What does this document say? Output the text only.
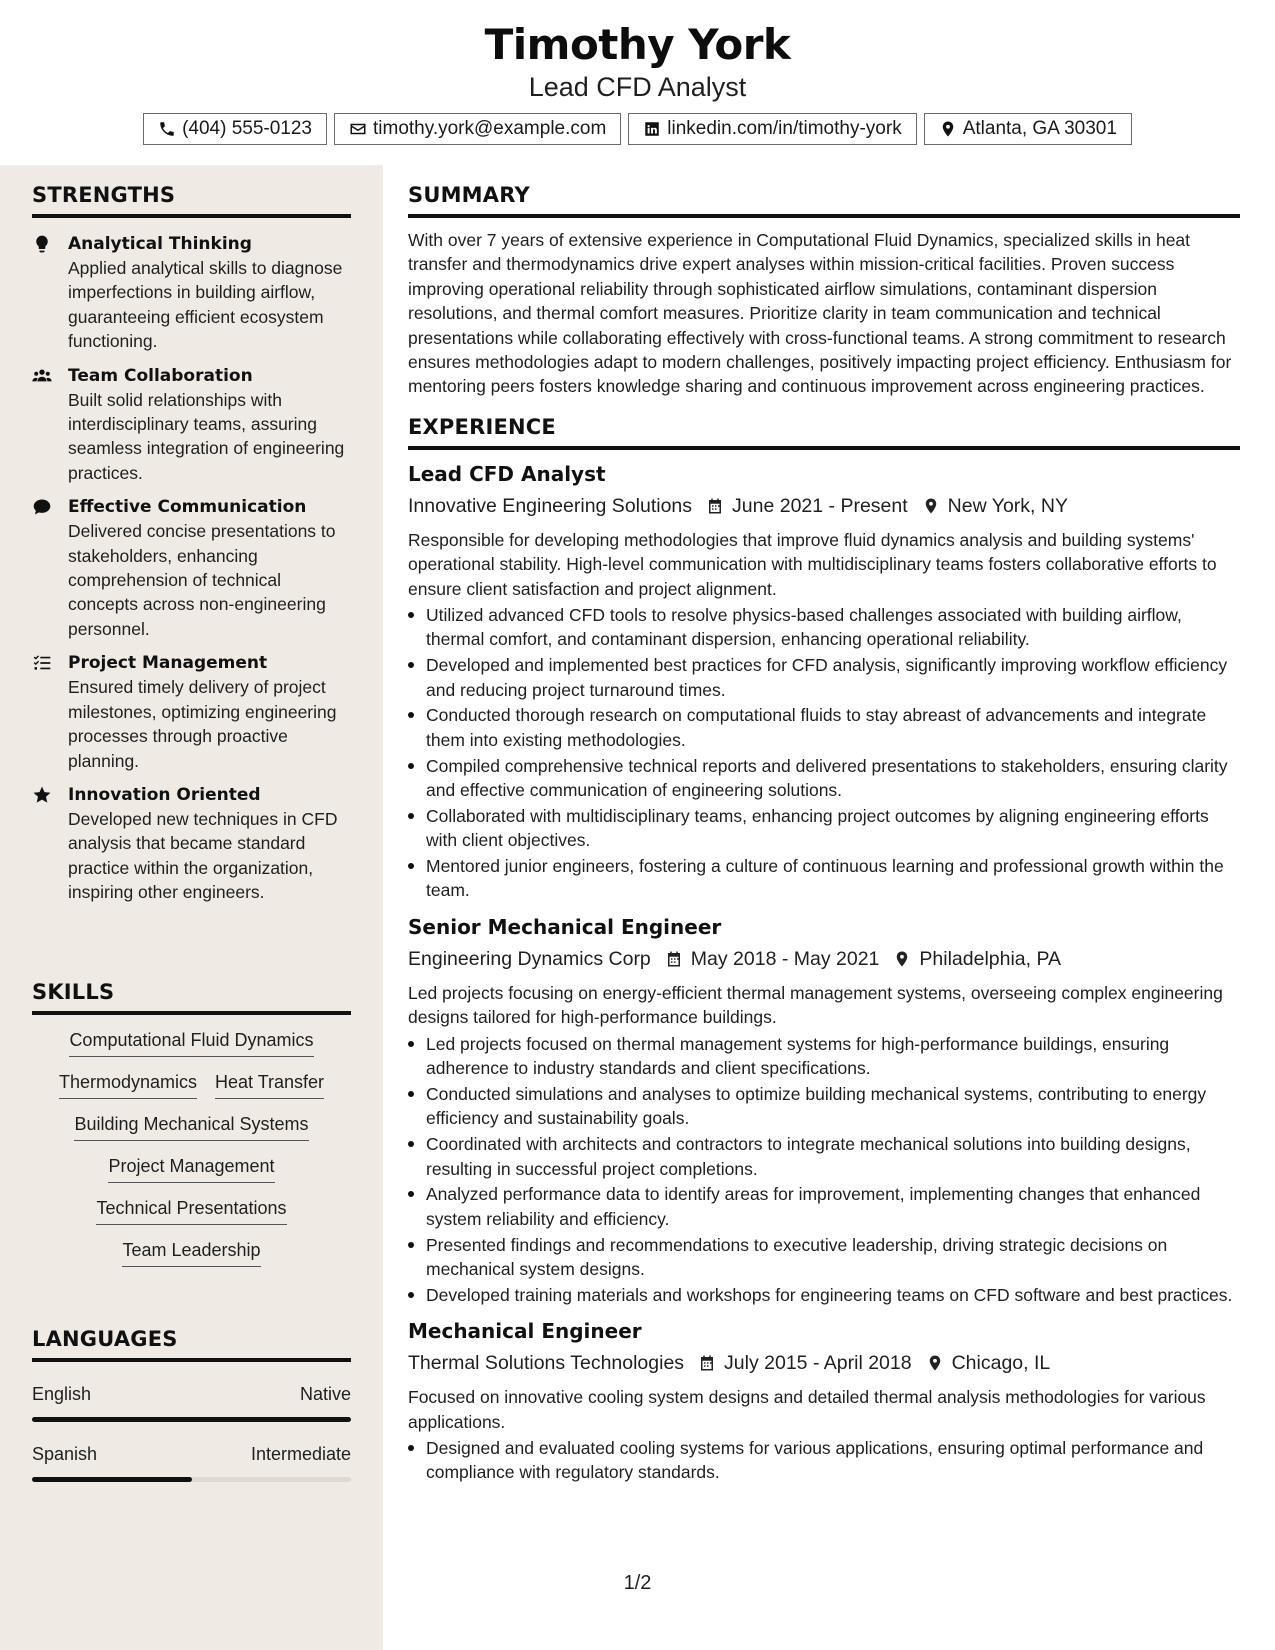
Timothy York
Lead CFD Analyst
(404) 555-0123	timothy.york@example.com	linkedin.com/in/timothy-york	Atlanta, GA 30301
STRENGTHS
Analytical Thinking
Applied analytical skills to diagnose imperfections in building airflow, guaranteeing efficient ecosystem functioning.
Team Collaboration
Built solid relationships with interdisciplinary teams, assuring seamless integration of engineering practices.
Effective Communication
Delivered concise presentations to stakeholders, enhancing comprehension of technical concepts across non-engineering personnel.
Project Management
Ensured timely delivery of project milestones, optimizing engineering processes through proactive planning.
Innovation Oriented
Developed new techniques in CFD analysis that became standard practice within the organization, inspiring other engineers.
SKILLS
Computational Fluid Dynamics
Thermodynamics Heat Transfer
Building Mechanical Systems
Project Management
Technical Presentations
Team Leadership
LANGUAGES
English	Native
Spanish	Intermediate
SUMMARY
With over 7 years of extensive experience in Computational Fluid Dynamics, specialized skills in heat transfer and thermodynamics drive expert analyses within mission-critical facilities. Proven success improving operational reliability through sophisticated airflow simulations, contaminant dispersion resolutions, and thermal comfort measures. Prioritize clarity in team communication and technical presentations while collaborating effectively with cross-functional teams. A strong commitment to research ensures methodologies adapt to modern challenges, positively impacting project efficiency. Enthusiasm for mentoring peers fosters knowledge sharing and continuous improvement across engineering practices.
EXPERIENCE
Lead CFD Analyst
Innovative Engineering Solutions June 2021 - Present New York, NY
Responsible for developing methodologies that improve fluid dynamics analysis and building systems' operational stability. High-level communication with multidisciplinary teams fosters collaborative efforts to ensure client satisfaction and project alignment.
Utilized advanced CFD tools to resolve physics-based challenges associated with building airflow, thermal comfort, and contaminant dispersion, enhancing operational reliability.
Developed and implemented best practices for CFD analysis, significantly improving workflow efficiency and reducing project turnaround times.
Conducted thorough research on computational fluids to stay abreast of advancements and integrate them into existing methodologies.
Compiled comprehensive technical reports and delivered presentations to stakeholders, ensuring clarity and effective communication of engineering solutions.
Collaborated with multidisciplinary teams, enhancing project outcomes by aligning engineering efforts with client objectives.
Mentored junior engineers, fostering a culture of continuous learning and professional growth within the team.
Senior Mechanical Engineer
Engineering Dynamics Corp May 2018 - May 2021 Philadelphia, PA
Led projects focusing on energy-efficient thermal management systems, overseeing complex engineering designs tailored for high-performance buildings.
Led projects focused on thermal management systems for high-performance buildings, ensuring adherence to industry standards and client specifications.
Conducted simulations and analyses to optimize building mechanical systems, contributing to energy efficiency and sustainability goals.
Coordinated with architects and contractors to integrate mechanical solutions into building designs, resulting in successful project completions.
Analyzed performance data to identify areas for improvement, implementing changes that enhanced system reliability and efficiency.
Presented findings and recommendations to executive leadership, driving strategic decisions on mechanical system designs.
Developed training materials and workshops for engineering teams on CFD software and best practices.
Mechanical Engineer
Thermal Solutions Technologies July 2015 - April 2018 Chicago, IL
Focused on innovative cooling system designs and detailed thermal analysis methodologies for various applications.
Designed and evaluated cooling systems for various applications, ensuring optimal performance and compliance with regulatory standards.
1/2
